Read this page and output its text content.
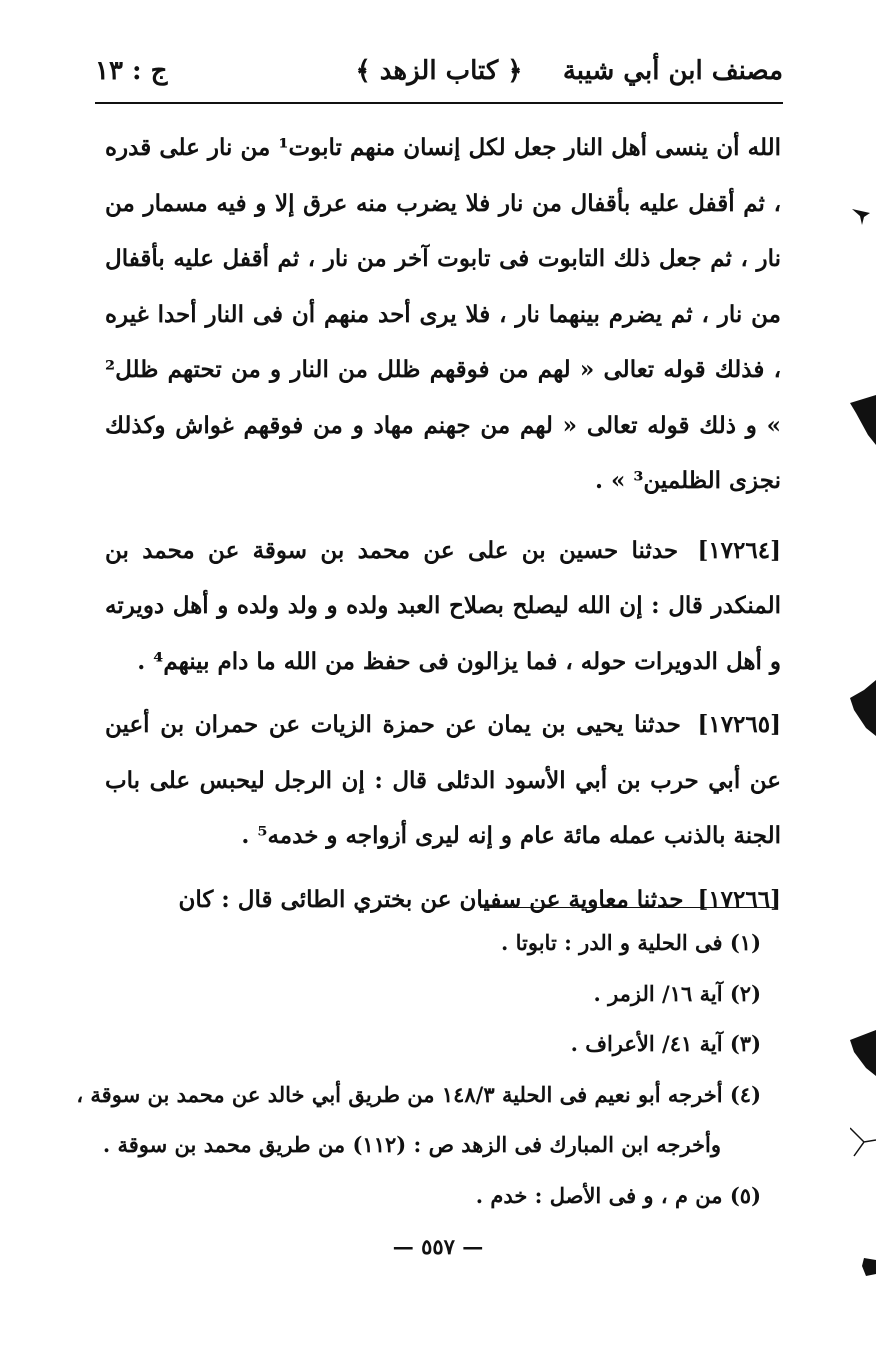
مصنف ابن أبي شيبة
﴿ كتاب الزهد ﴾
ج : ١٣

الله أن ينسى أهل النار جعل لكل إنسان منهم تابوت¹ من نار على قدره ، ثم أقفل عليه بأقفال من نار فلا يضرب منه عرق إلا و فيه مسمار من نار ، ثم جعل ذلك التابوت فى تابوت آخر من نار ، ثم أقفل عليه بأقفال من نار ، ثم يضرم بينهما نار ، فلا يرى أحد منهم أن فى النار أحدا غيره ، فذلك قوله تعالى « لهم من فوقهم ظلل من النار و من تحتهم ظلل² » و ذلك قوله تعالى « لهم من جهنم مهاد و من فوقهم غواش وكذلك نجزى الظلمين³ » .

[١٧٢٦٤] حدثنا حسين بن على عن محمد بن سوقة عن محمد بن المنكدر قال : إن الله ليصلح بصلاح العبد ولده و ولد ولده و أهل دويرته و أهل الدويرات حوله ، فما يزالون فى حفظ من الله ما دام بينهم⁴ .

[١٧٢٦٥] حدثنا يحيى بن يمان عن حمزة الزيات عن حمران بن أعين عن أبي حرب بن أبي الأسود الدئلى قال : إن الرجل ليحبس على باب الجنة بالذنب عمله مائة عام و إنه ليرى أزواجه و خدمه⁵ .

[١٧٢٦٦] حدثنا معاوية عن سفيان عن بختري الطائى قال : كان

(١) فى الحلية و الدر : تابوتا .
(٢) آية ١٦/ الزمر .
(٣) آية ٤١/ الأعراف .
(٤) أخرجه أبو نعيم فى الحلية ١٤٨/٣ من طريق أبي خالد عن محمد بن سوقة ،
وأخرجه ابن المبارك فى الزهد ص : (١١٢) من طريق محمد بن سوقة .
(٥) من م ، و فى الأصل : خدم .
— ٥٥٧ —
